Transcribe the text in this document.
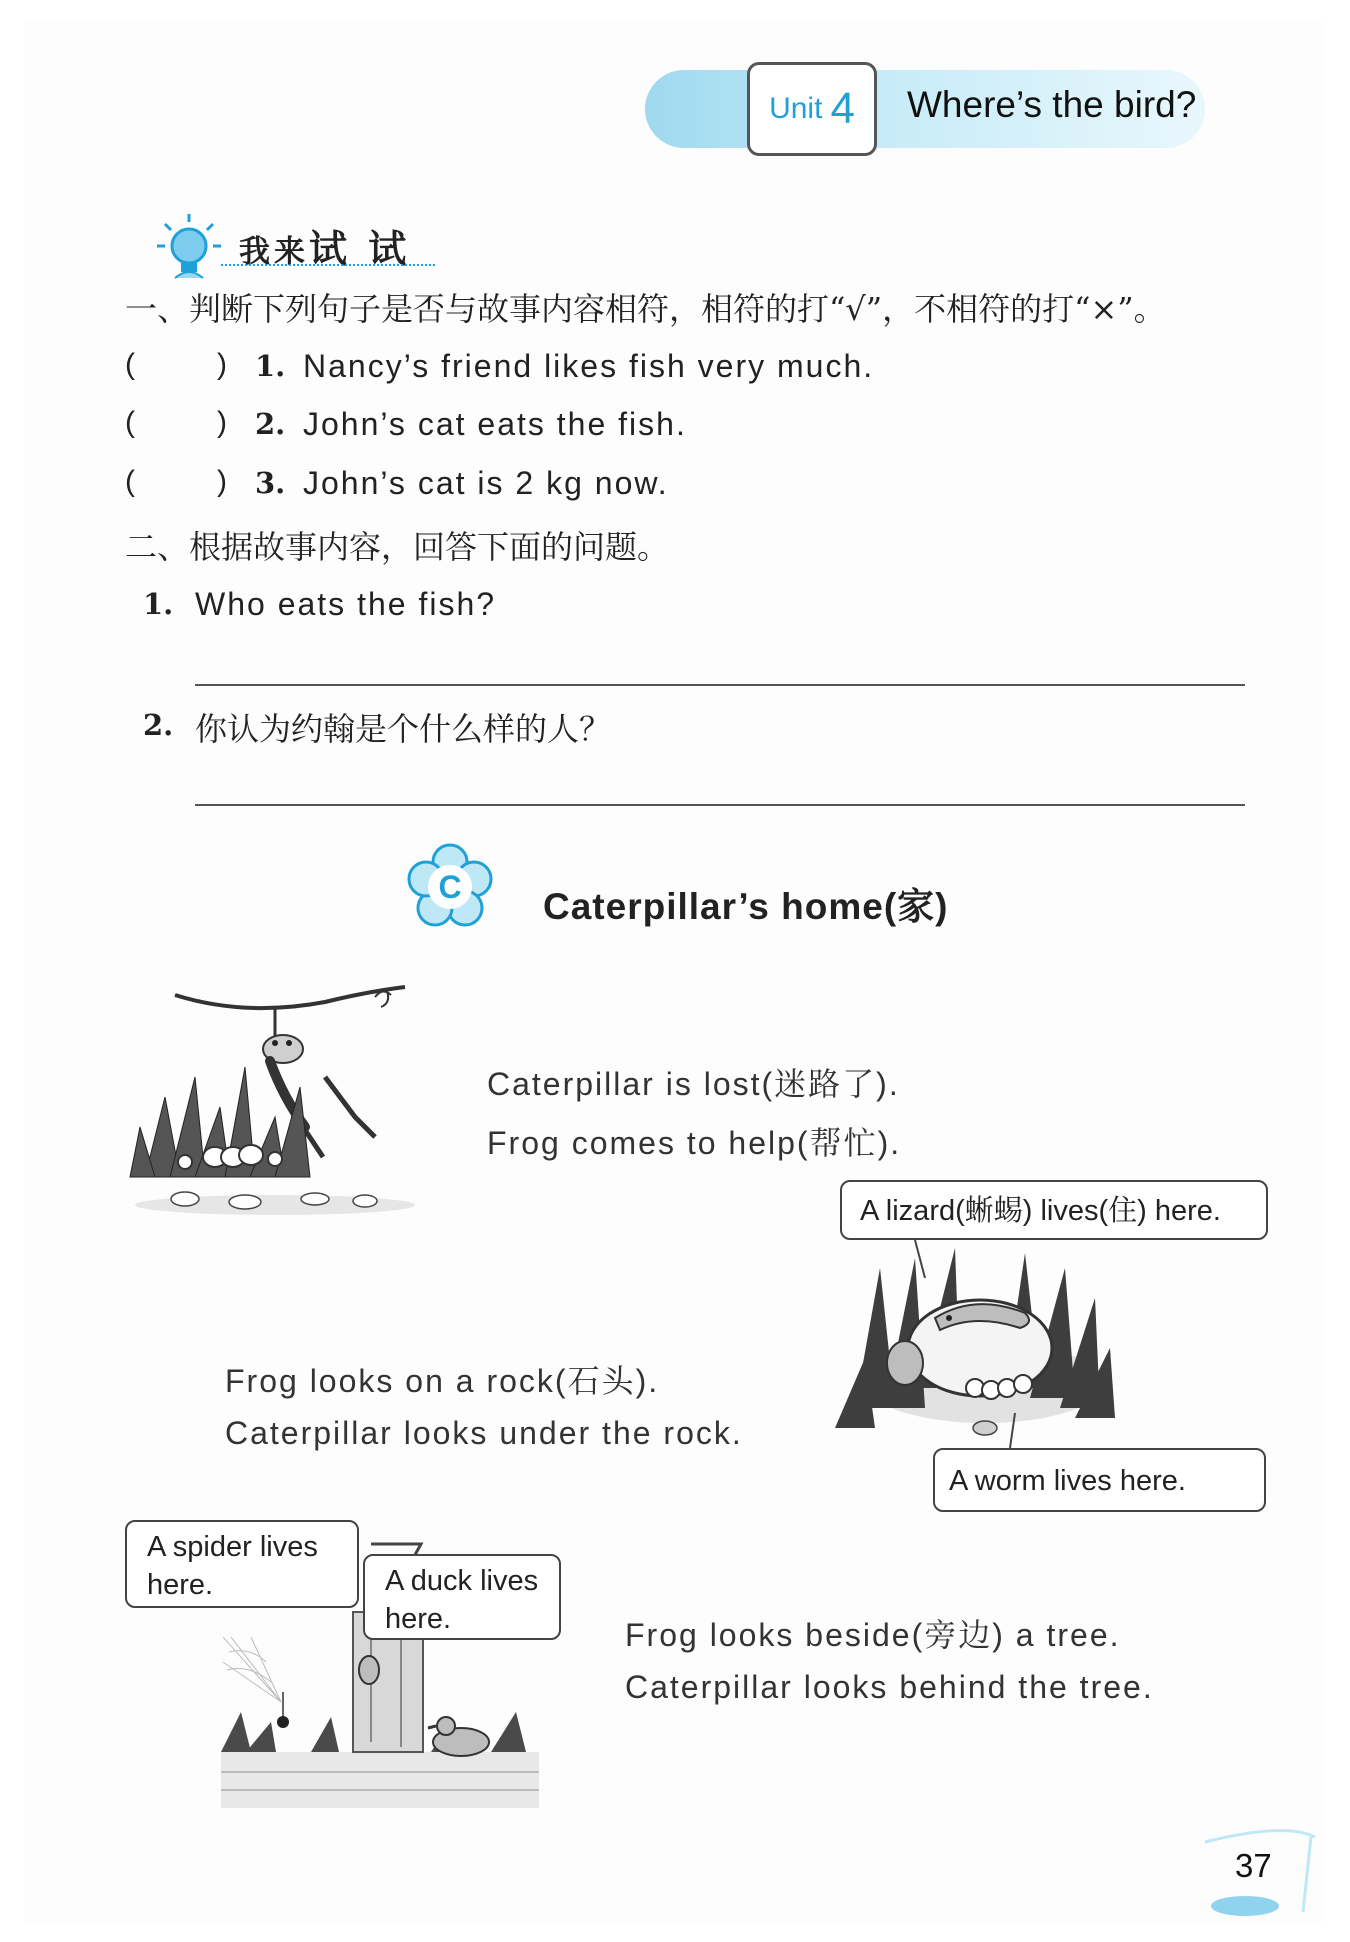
Unit 4 Where’s the bird?
我来试 试
一、判断下列句子是否与故事内容相符，相符的打“√”，不相符的打“×”。
(	) 1. Nancy’s friend likes fish very much.
(	) 2. John’s cat eats the fish.
(	) 3. John’s cat is 2 kg now.
二、根据故事内容，回答下面的问题。
1. Who eats the fish?
2. 你认为约翰是个什么样的人？
C Caterpillar’s home(家)
Caterpillar is lost(迷路了).
Frog comes to help(帮忙).
A lizard(蜥蜴) lives(住) here.
Frog looks on a rock(石头).
Caterpillar looks under the rock.
A worm lives here.
A spider lives
here.	A duck lives
here.	Frog looks beside(旁边) a tree.
Caterpillar looks behind the tree.
37
